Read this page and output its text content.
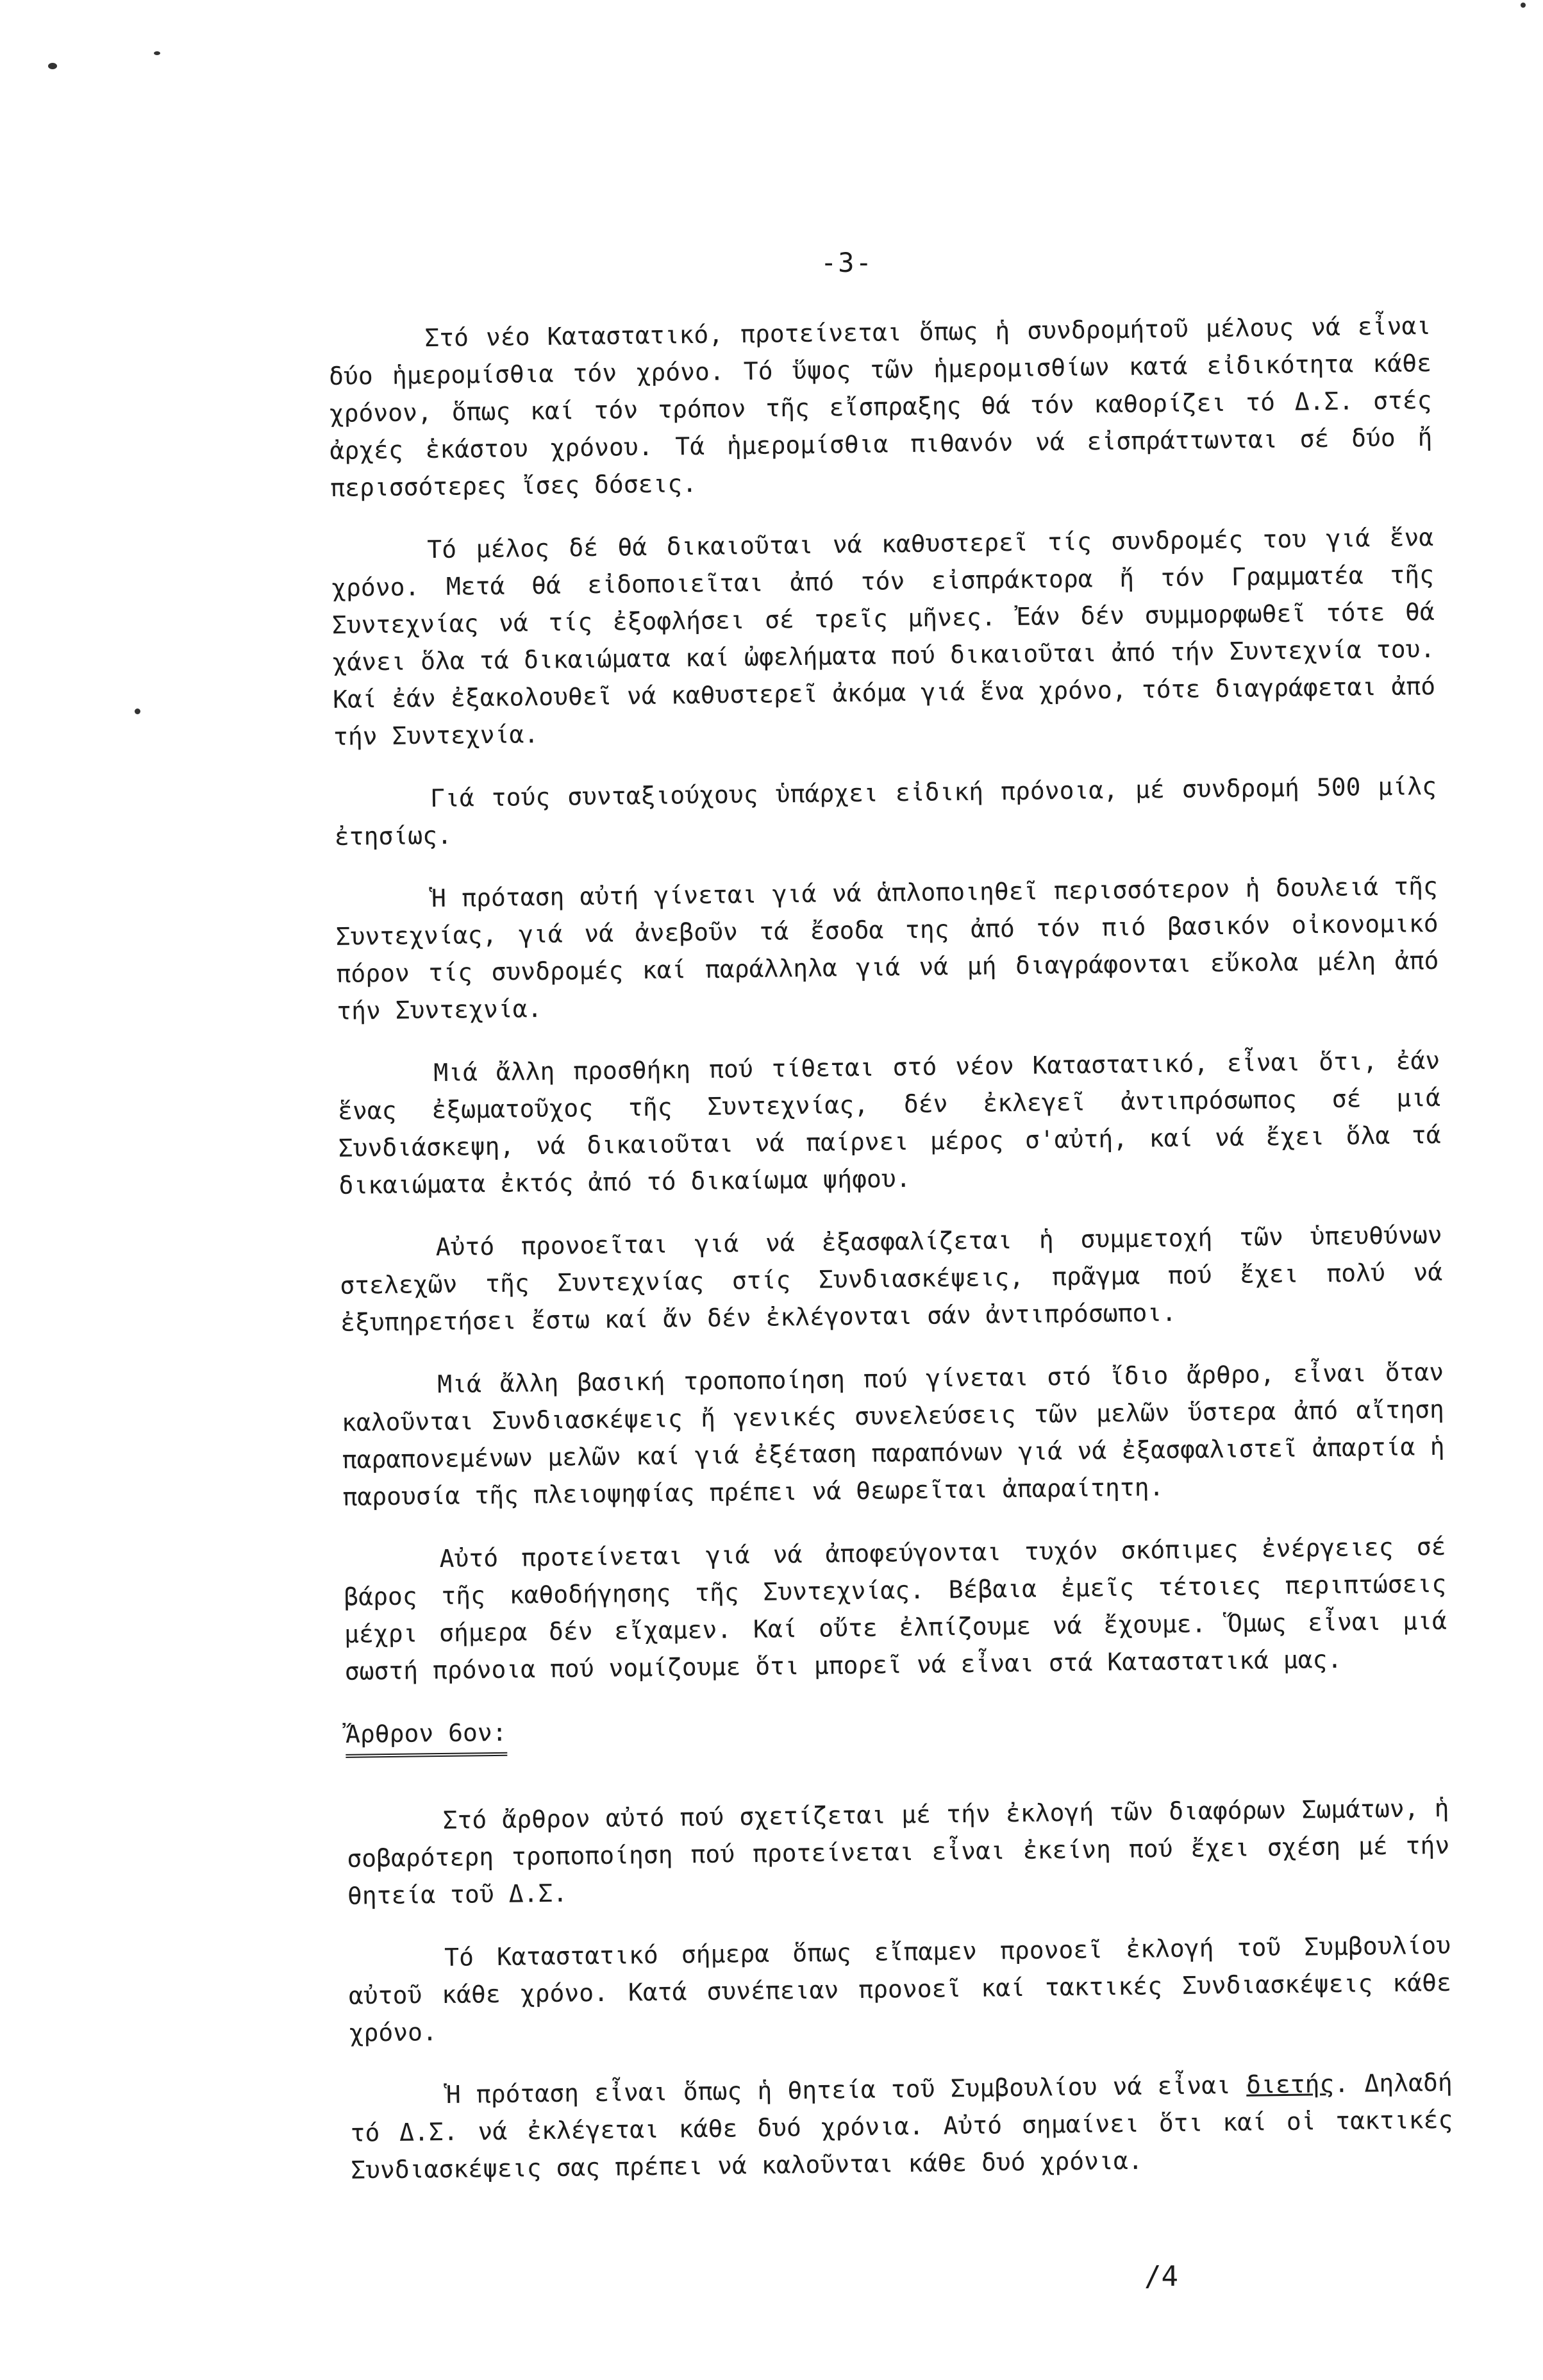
-3-

Στό νέο Καταστατικό, προτείνεται ὅπως ἡ συνδρομήτοῦ μέλους νά εἶναι δύο ἡμερομίσθια τόν χρόνο. Τό ὕψος τῶν ἡμερομισθίων κατά εἰδικότητα κάθε χρόνον, ὅπως καί τόν τρόπον τῆς εἴσπραξης θά τόν καθορίζει τό Δ.Σ. στές ἀρχές ἑκάστου χρόνου. Τά ἡμερομίσθια πιθανόν νά εἰσπράττωνται σέ δύο ἤ περισσότερες ἴσες δόσεις.

Τό μέλος δέ θά δικαιοῦται νά καθυστερεῖ τίς συνδρομές του γιά ἕνα χρόνο. Μετά θά εἰδοποιεῖται ἀπό τόν εἰσπράκτορα ἤ τόν Γραμματέα τῆς Συντεχνίας νά τίς ἐξοφλήσει σέ τρεῖς μῆνες. Ἐάν δέν συμμορφωθεῖ τότε θά χάνει ὅλα τά δικαιώματα καί ὠφελήματα πού δικαιοῦται ἀπό τήν Συντεχνία του. Καί ἐάν ἐξακολουθεῖ νά καθυστερεῖ ἀκόμα γιά ἕνα χρόνο, τότε διαγράφεται ἀπό τήν Συντεχνία.

Γιά τούς συνταξιούχους ὑπάρχει εἰδική πρόνοια, μέ συνδρομή 500 μίλς ἐτησίως.

Ἡ πρόταση αὐτή γίνεται γιά νά ἁπλοποιηθεῖ περισσότερον ἡ δουλειά τῆς Συντεχνίας, γιά νά ἀνεβοῦν τά ἔσοδα της ἀπό τόν πιό βασικόν οἰκονομικό πόρον τίς συνδρομές καί παράλληλα γιά νά μή διαγράφονται εὔκολα μέλη ἀπό τήν Συντεχνία.

Μιά ἄλλη προσθήκη πού τίθεται στό νέον Καταστατικό, εἶναι ὅτι, ἐάν ἕνας ἐξωματοῦχος τῆς Συντεχνίας, δέν ἐκλεγεῖ ἀντιπρόσωπος σέ μιά Συνδιάσκεψη, νά δικαιοῦται νά παίρνει μέρος σ'αὐτή, καί νά ἔχει ὅλα τά δικαιώματα ἐκτός ἀπό τό δικαίωμα ψήφου.

Αὐτό προνοεῖται γιά νά ἐξασφαλίζεται ἡ συμμετοχή τῶν ὑπευθύνων στελεχῶν τῆς Συντεχνίας στίς Συνδιασκέψεις, πρᾶγμα πού ἔχει πολύ νά ἐξυπηρετήσει ἔστω καί ἄν δέν ἐκλέγονται σάν ἀντιπρόσωποι.

Μιά ἄλλη βασική τροποποίηση πού γίνεται στό ἴδιο ἄρθρο, εἶναι ὅταν καλοῦνται Συνδιασκέψεις ἤ γενικές συνελεύσεις τῶν μελῶν ὕστερα ἀπό αἴτηση παραπονεμένων μελῶν καί γιά ἐξέταση παραπόνων γιά νά ἐξασφαλιστεῖ ἀπαρτία ἡ παρουσία τῆς πλειοψηφίας πρέπει νά θεωρεῖται ἀπαραίτητη.

Αὐτό προτείνεται γιά νά ἀποφεύγονται τυχόν σκόπιμες ἐνέργειες σέ βάρος τῆς καθοδήγησης τῆς Συντεχνίας. Βέβαια ἐμεῖς τέτοιες περιπτώσεις μέχρι σήμερα δέν εἴχαμεν. Καί οὔτε ἐλπίζουμε νά ἔχουμε. Ὅμως εἶναι μιά σωστή πρόνοια πού νομίζουμε ὅτι μπορεῖ νά εἶναι στά Καταστατικά μας.

Ἄρθρον 6ον:

Στό ἄρθρον αὐτό πού σχετίζεται μέ τήν ἐκλογή τῶν διαφόρων Σωμάτων, ἡ σοβαρότερη τροποποίηση πού προτείνεται εἶναι ἐκείνη πού ἔχει σχέση μέ τήν θητεία τοῦ Δ.Σ.

Τό Καταστατικό σήμερα ὅπως εἴπαμεν προνοεῖ ἐκλογή τοῦ Συμβουλίου αὐτοῦ κάθε χρόνο. Κατά συνέπειαν προνοεῖ καί τακτικές Συνδιασκέψεις κάθε χρόνο.

Ἡ πρόταση εἶναι ὅπως ἡ θητεία τοῦ Συμβουλίου νά εἶναι διετής. Δηλαδή τό Δ.Σ. νά ἐκλέγεται κάθε δυό χρόνια. Αὐτό σημαίνει ὅτι καί οἱ τακτικές Συνδιασκέψεις σας πρέπει νά καλοῦνται κάθε δυό χρόνια.

/4
